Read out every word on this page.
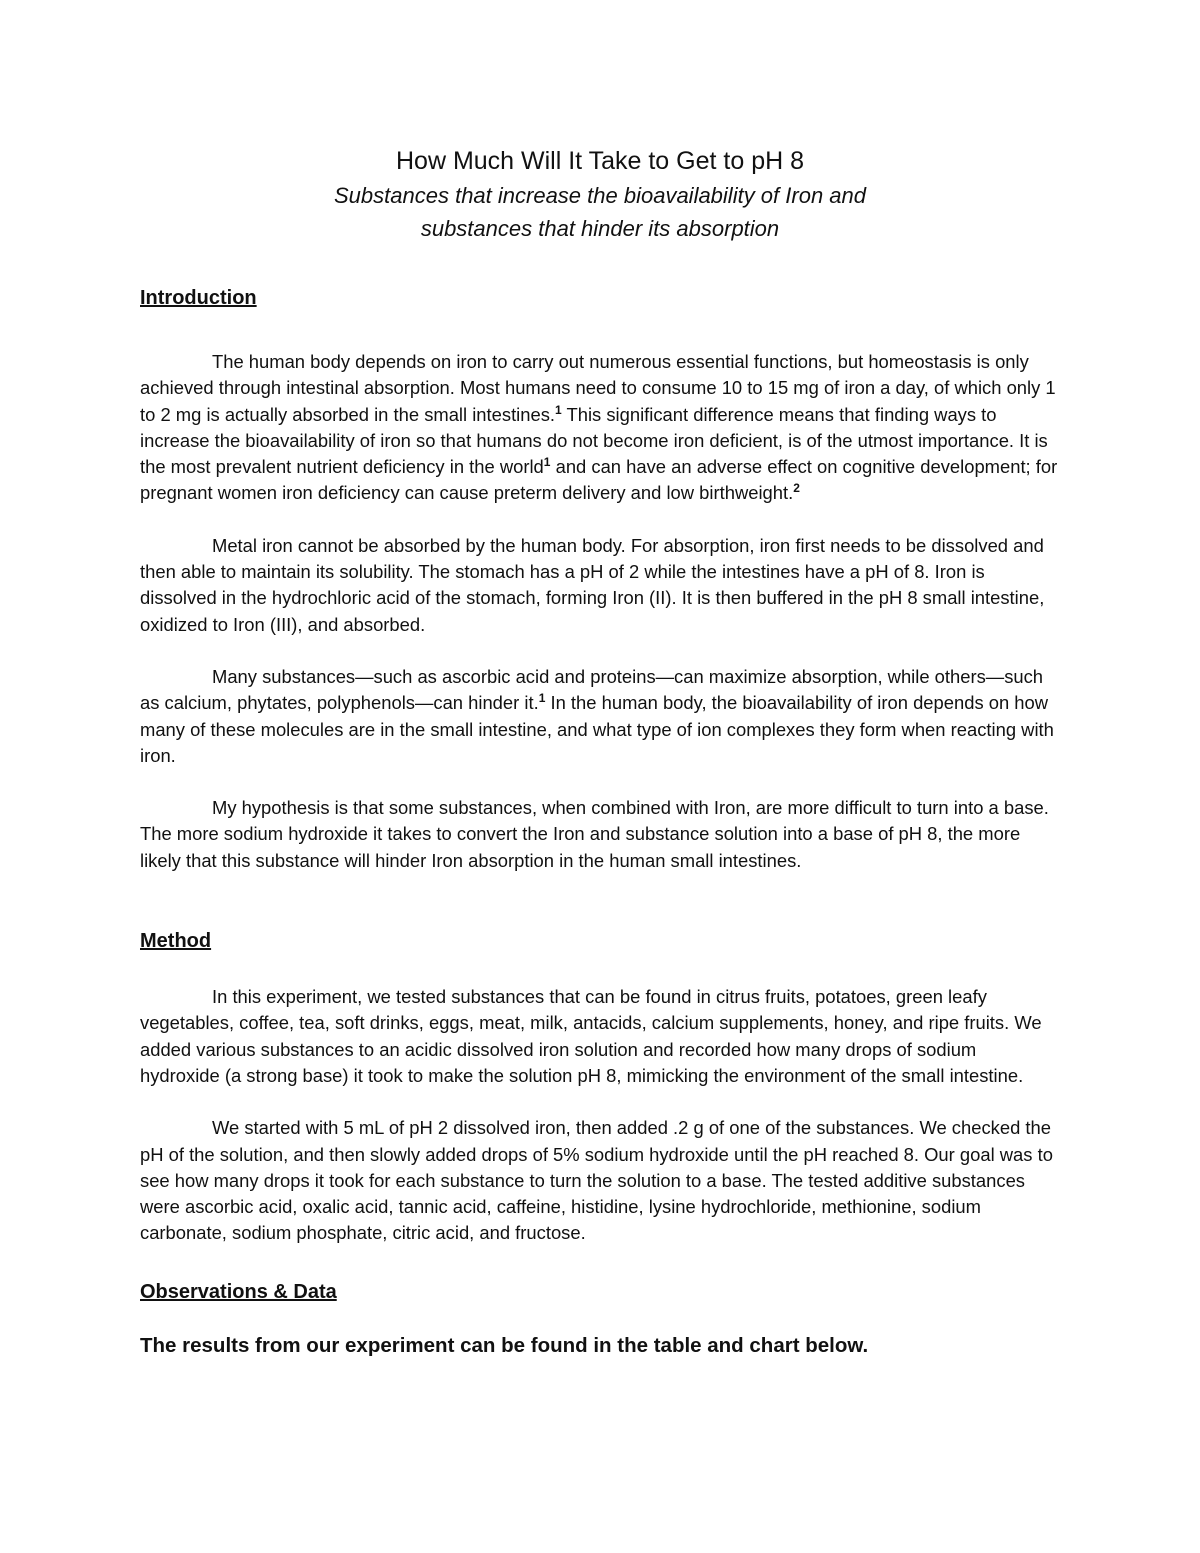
How Much Will It Take to Get to pH 8

Substances that increase the bioavailability of Iron and

substances that hinder its absorption

Introduction

The human body depends on iron to carry out numerous essential functions, but homeostasis is only achieved through intestinal absorption. Most humans need to consume 10 to 15 mg of iron a day, of which only 1 to 2 mg is actually absorbed in the small intestines.$^1$ This significant difference means that finding ways to increase the bioavailability of iron so that humans do not become iron deficient, is of the utmost importance. It is the most prevalent nutrient deficiency in the world$^1$ and can have an adverse effect on cognitive development; for pregnant women iron deficiency can cause preterm delivery and low birthweight.$^2$

Metal iron cannot be absorbed by the human body. For absorption, iron first needs to be dissolved and then able to maintain its solubility. The stomach has a pH of 2 while the intestines have a pH of 8. Iron is dissolved in the hydrochloric acid of the stomach, forming Iron (II). It is then buffered in the pH 8 small intestine, oxidized to Iron (III), and absorbed.

Many substances—such as ascorbic acid and proteins—can maximize absorption, while others—such as calcium, phytates, polyphenols—can hinder it.$^1$ In the human body, the bioavailability of iron depends on how many of these molecules are in the small intestine, and what type of ion complexes they form when reacting with iron.

My hypothesis is that some substances, when combined with Iron, are more difficult to turn into a base. The more sodium hydroxide it takes to convert the Iron and substance solution into a base of pH 8, the more likely that this substance will hinder Iron absorption in the human small intestines.

Method

In this experiment, we tested substances that can be found in citrus fruits, potatoes, green leafy vegetables, coffee, tea, soft drinks, eggs, meat, milk, antacids, calcium supplements, honey, and ripe fruits. We added various substances to an acidic dissolved iron solution and recorded how many drops of sodium hydroxide (a strong base) it took to make the solution pH 8, mimicking the environment of the small intestine.

We started with 5 mL of pH 2 dissolved iron, then added .2 g of one of the substances. We checked the pH of the solution, and then slowly added drops of 5% sodium hydroxide until the pH reached 8. Our goal was to see how many drops it took for each substance to turn the solution to a base. The tested additive substances were ascorbic acid, oxalic acid, tannic acid, caffeine, histidine, lysine hydrochloride, methionine, sodium carbonate, sodium phosphate, citric acid, and fructose.

Observations & Data

The results from our experiment can be found in the table and chart below.
